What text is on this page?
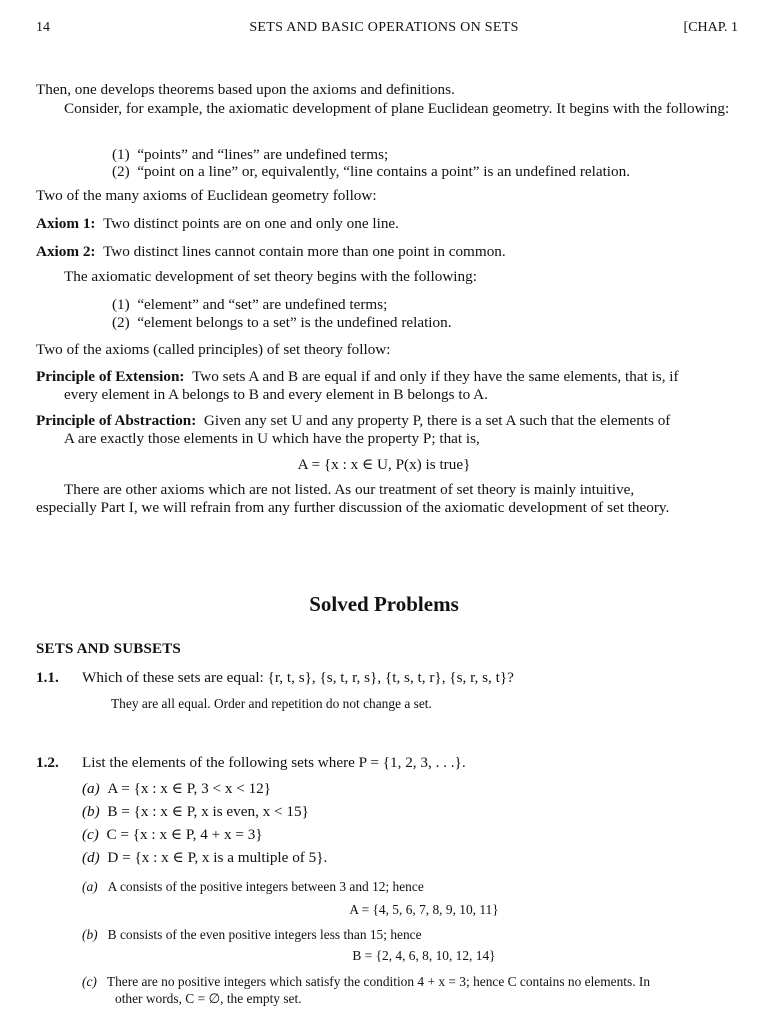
14	SETS AND BASIC OPERATIONS ON SETS	[CHAP. 1
Then, one develops theorems based upon the axioms and definitions.
Consider, for example, the axiomatic development of plane Euclidean geometry. It begins with the following:
(1) “points” and “lines” are undefined terms;
(2) “point on a line” or, equivalently, “line contains a point” is an undefined relation.
Two of the many axioms of Euclidean geometry follow:
Axiom 1: Two distinct points are on one and only one line.
Axiom 2: Two distinct lines cannot contain more than one point in common.
The axiomatic development of set theory begins with the following:
(1) “element” and “set” are undefined terms;
(2) “element belongs to a set” is the undefined relation.
Two of the axioms (called principles) of set theory follow:
Principle of Extension: Two sets A and B are equal if and only if they have the same elements, that is, if
every element in A belongs to B and every element in B belongs to A.
Principle of Abstraction: Given any set U and any property P, there is a set A such that the elements of
A are exactly those elements in U which have the property P; that is,
A = {x : x ∈ U, P(x) is true}
There are other axioms which are not listed. As our treatment of set theory is mainly intuitive,
especially Part I, we will refrain from any further discussion of the axiomatic development of set theory.
Solved Problems
SETS AND SUBSETS
1.1. Which of these sets are equal: {r, t, s}, {s, t, r, s}, {t, s, t, r}, {s, r, s, t}?
They are all equal. Order and repetition do not change a set.
1.2. List the elements of the following sets where P = {1, 2, 3, . . .}.
(a) A = {x : x ∈ P, 3 < x < 12}
(b) B = {x : x ∈ P, x is even, x < 15}
(c) C = {x : x ∈ P, 4 + x = 3}
(d) D = {x : x ∈ P, x is a multiple of 5}.
(a) A consists of the positive integers between 3 and 12; hence
A = {4, 5, 6, 7, 8, 9, 10, 11}
(b) B consists of the even positive integers less than 15; hence
B = {2, 4, 6, 8, 10, 12, 14}
(c) There are no positive integers which satisfy the condition 4 + x = 3; hence C contains no elements. In
other words, C = ∅, the empty set.
